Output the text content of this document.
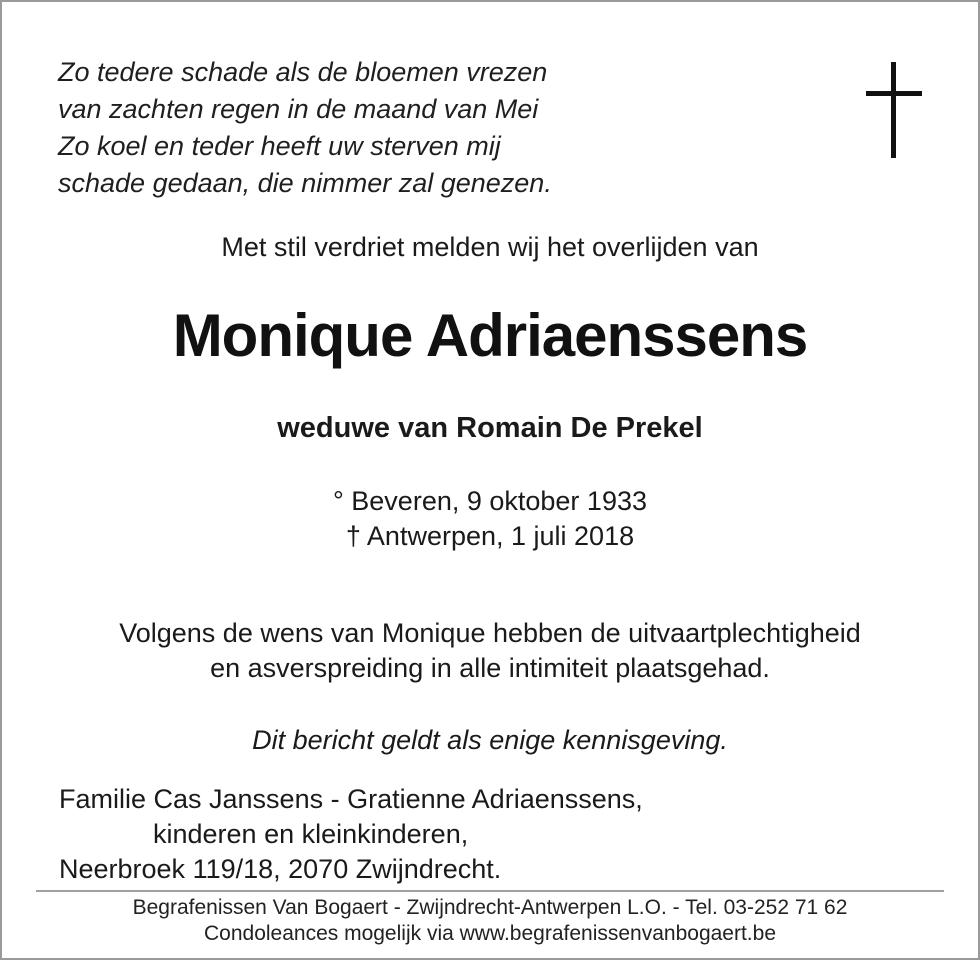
Zo tedere schade als de bloemen vrezen
van zachten regen in de maand van Mei
Zo koel en teder heeft uw sterven mij
schade gedaan, die nimmer zal genezen.
Met stil verdriet melden wij het overlijden van
Monique Adriaenssens
weduwe van Romain De Prekel
° Beveren, 9 oktober 1933
† Antwerpen, 1 juli 2018
Volgens de wens van Monique hebben de uitvaartplechtigheid
en asverspreiding in alle intimiteit plaatsgehad.
Dit bericht geldt als enige kennisgeving.
Familie Cas Janssens - Gratienne Adriaenssens,
kinderen en kleinkinderen,
Neerbroek 119/18, 2070 Zwijndrecht.
Begrafenissen Van Bogaert - Zwijndrecht-Antwerpen L.O. - Tel. 03-252 71 62
Condoleances mogelijk via www.begrafenissenvanbogaert.be
